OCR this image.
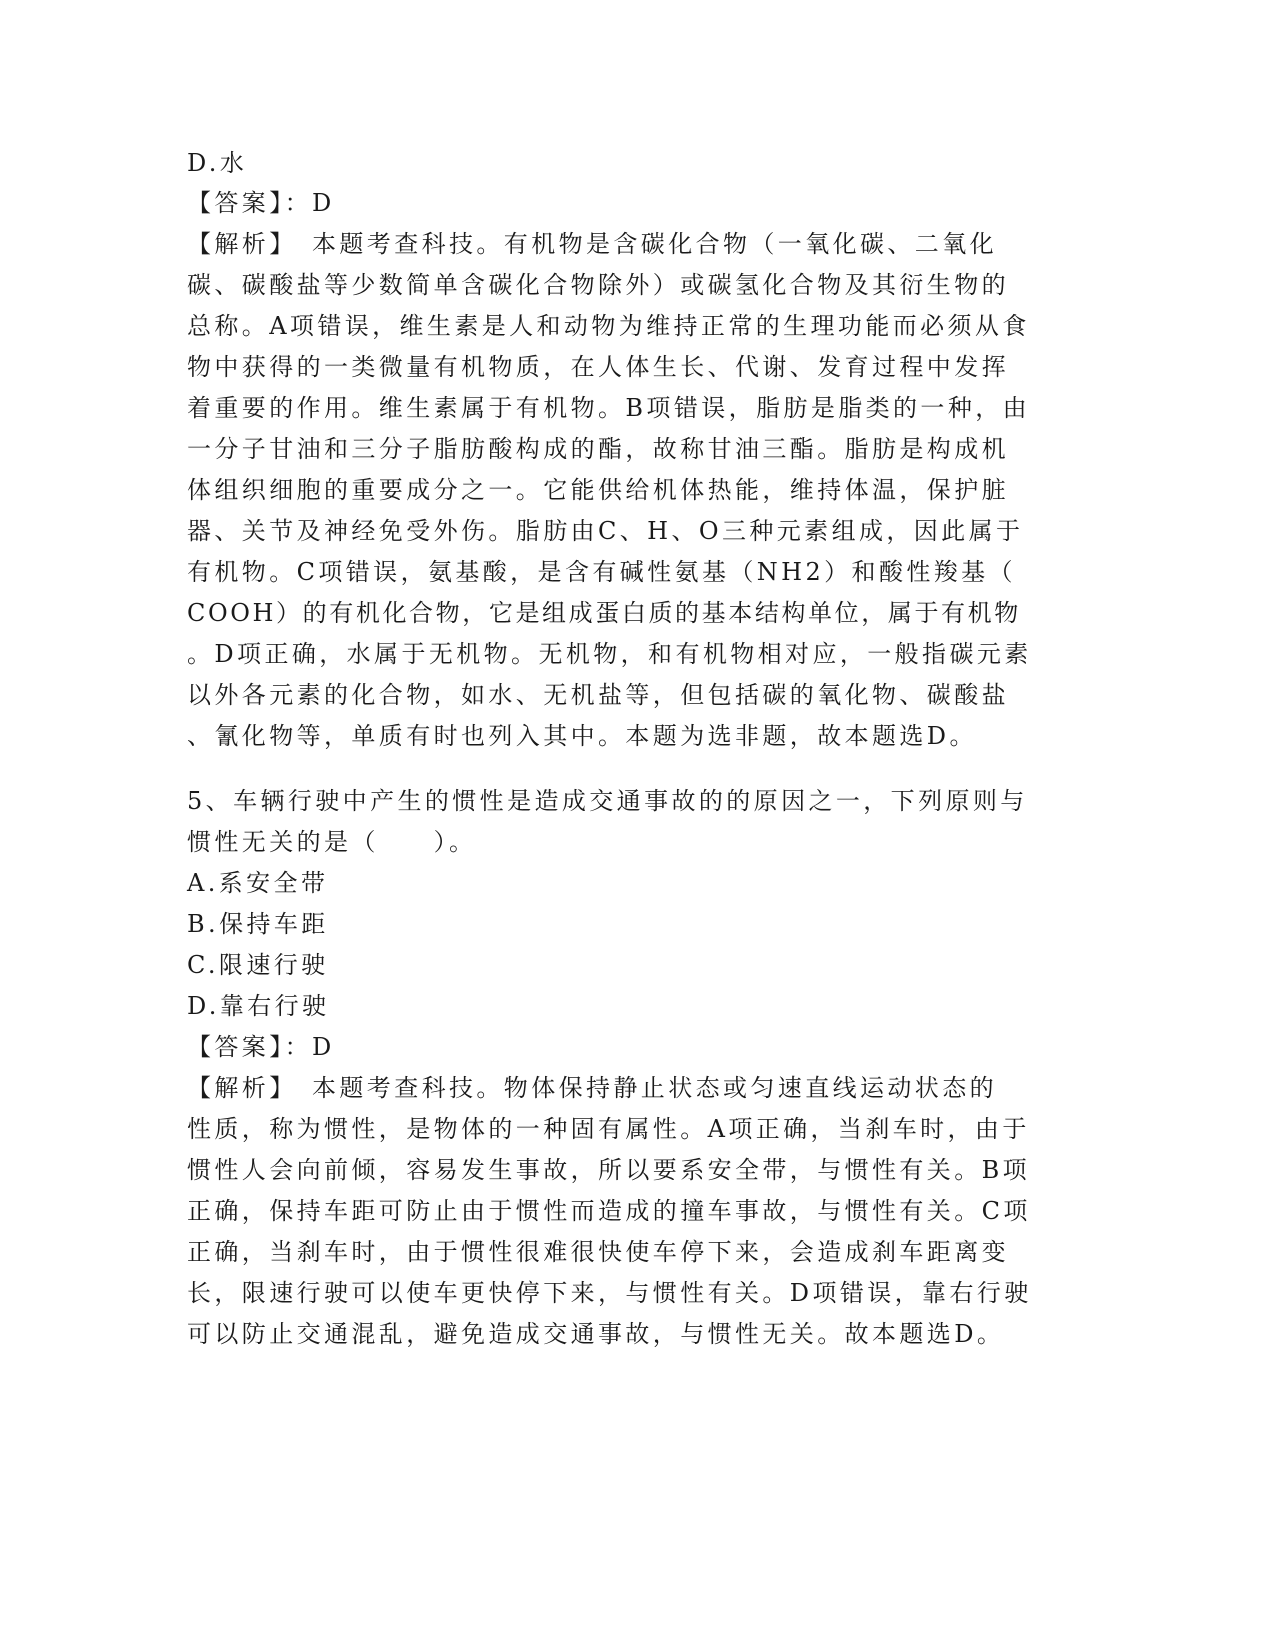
D.水
【答案】：D
【解析】　本题考查科技。有机物是含碳化合物（一氧化碳、二氧化
碳、碳酸盐等少数简单含碳化合物除外）或碳氢化合物及其衍生物的
总称。A项错误，维生素是人和动物为维持正常的生理功能而必须从食
物中获得的一类微量有机物质，在人体生长、代谢、发育过程中发挥
着重要的作用。维生素属于有机物。B项错误，脂肪是脂类的一种，由
一分子甘油和三分子脂肪酸构成的酯，故称甘油三酯。脂肪是构成机
体组织细胞的重要成分之一。它能供给机体热能，维持体温，保护脏
器、关节及神经免受外伤。脂肪由C、H、O三种元素组成，因此属于
有机物。C项错误，氨基酸，是含有碱性氨基（NH2）和酸性羧基（
COOH）的有机化合物，它是组成蛋白质的基本结构单位，属于有机物
。D项正确，水属于无机物。无机物，和有机物相对应，一般指碳元素
以外各元素的化合物，如水、无机盐等，但包括碳的氧化物、碳酸盐
、氰化物等，单质有时也列入其中。本题为选非题，故本题选D。
5、车辆行驶中产生的惯性是造成交通事故的的原因之一，下列原则与
惯性无关的是（　　）。
A.系安全带
B.保持车距
C.限速行驶
D.靠右行驶
【答案】：D
【解析】　本题考查科技。物体保持静止状态或匀速直线运动状态的
性质，称为惯性，是物体的一种固有属性。A项正确，当刹车时，由于
惯性人会向前倾，容易发生事故，所以要系安全带，与惯性有关。B项
正确，保持车距可防止由于惯性而造成的撞车事故，与惯性有关。C项
正确，当刹车时，由于惯性很难很快使车停下来，会造成刹车距离变
长，限速行驶可以使车更快停下来，与惯性有关。D项错误，靠右行驶
可以防止交通混乱，避免造成交通事故，与惯性无关。故本题选D。
